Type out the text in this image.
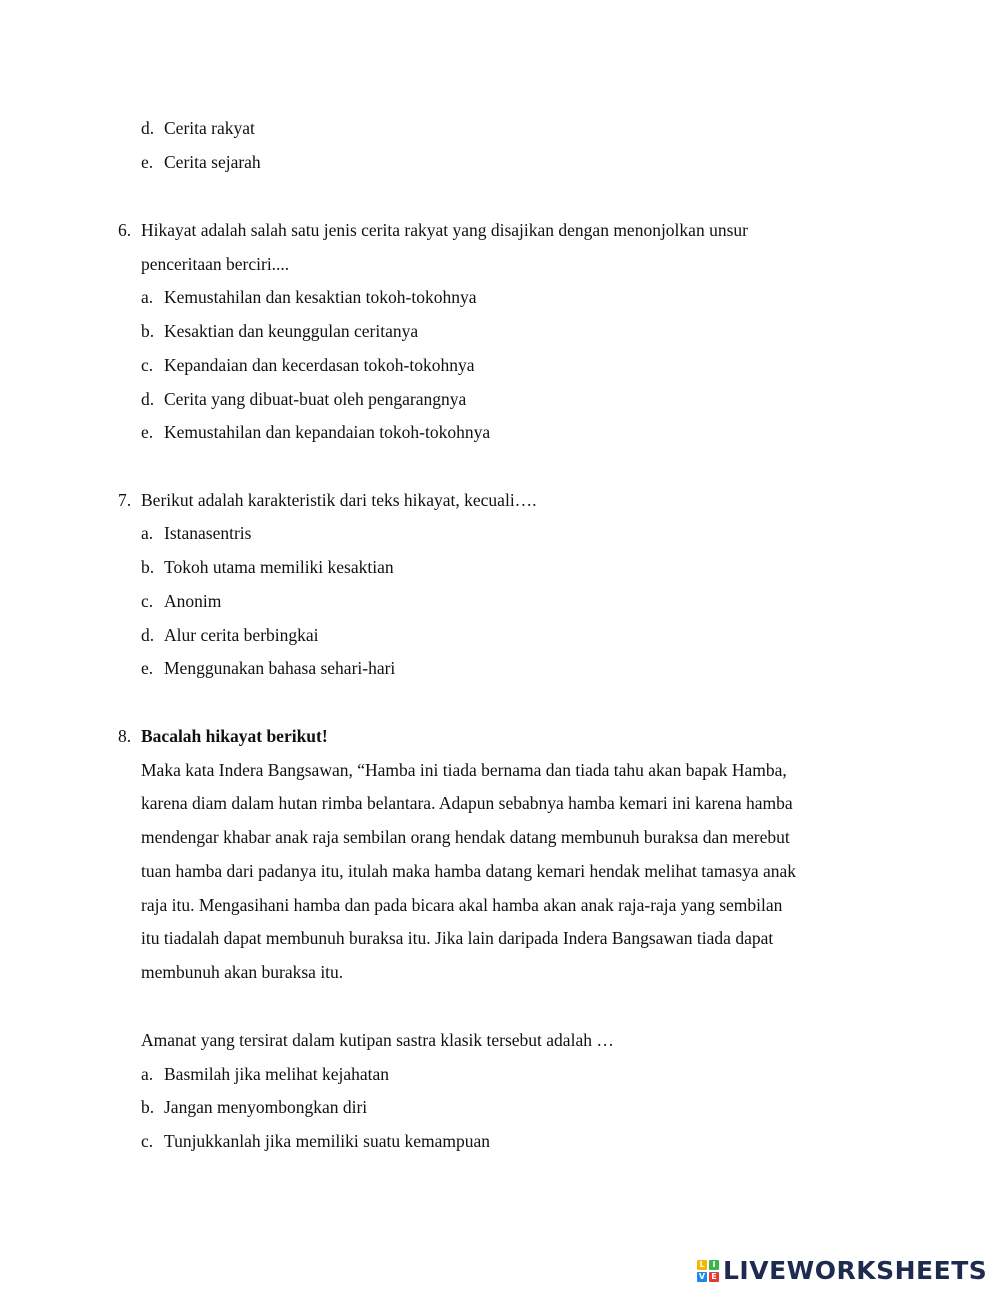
d. Cerita rakyat
e. Cerita sejarah
6. Hikayat adalah salah satu jenis cerita rakyat yang disajikan dengan menonjolkan unsur
penceritaan berciri....
a. Kemustahilan dan kesaktian tokoh-tokohnya
b. Kesaktian dan keunggulan ceritanya
c. Kepandaian dan kecerdasan tokoh-tokohnya
d. Cerita yang dibuat-buat oleh pengarangnya
e. Kemustahilan dan kepandaian tokoh-tokohnya
7. Berikut adalah karakteristik dari teks hikayat, kecuali….
a. Istanasentris
b. Tokoh utama memiliki kesaktian
c. Anonim
d. Alur cerita berbingkai
e. Menggunakan bahasa sehari-hari
8. Bacalah hikayat berikut!
Maka kata Indera Bangsawan, “Hamba ini tiada bernama dan tiada tahu akan bapak Hamba,
karena diam dalam hutan rimba belantara. Adapun sebabnya hamba kemari ini karena hamba
mendengar khabar anak raja sembilan orang hendak datang membunuh buraksa dan merebut
tuan hamba dari padanya itu, itulah maka hamba datang kemari hendak melihat tamasya anak
raja itu. Mengasihani hamba dan pada bicara akal hamba akan anak raja-raja yang sembilan
itu tiadalah dapat membunuh buraksa itu. Jika lain daripada Indera Bangsawan tiada dapat
membunuh akan buraksa itu.
Amanat yang tersirat dalam kutipan sastra klasik tersebut adalah …
a. Basmilah jika melihat kejahatan
b. Jangan menyombongkan diri
c. Tunjukkanlah jika memiliki suatu kemampuan
L I
V E LIVEWORKSHEETS
